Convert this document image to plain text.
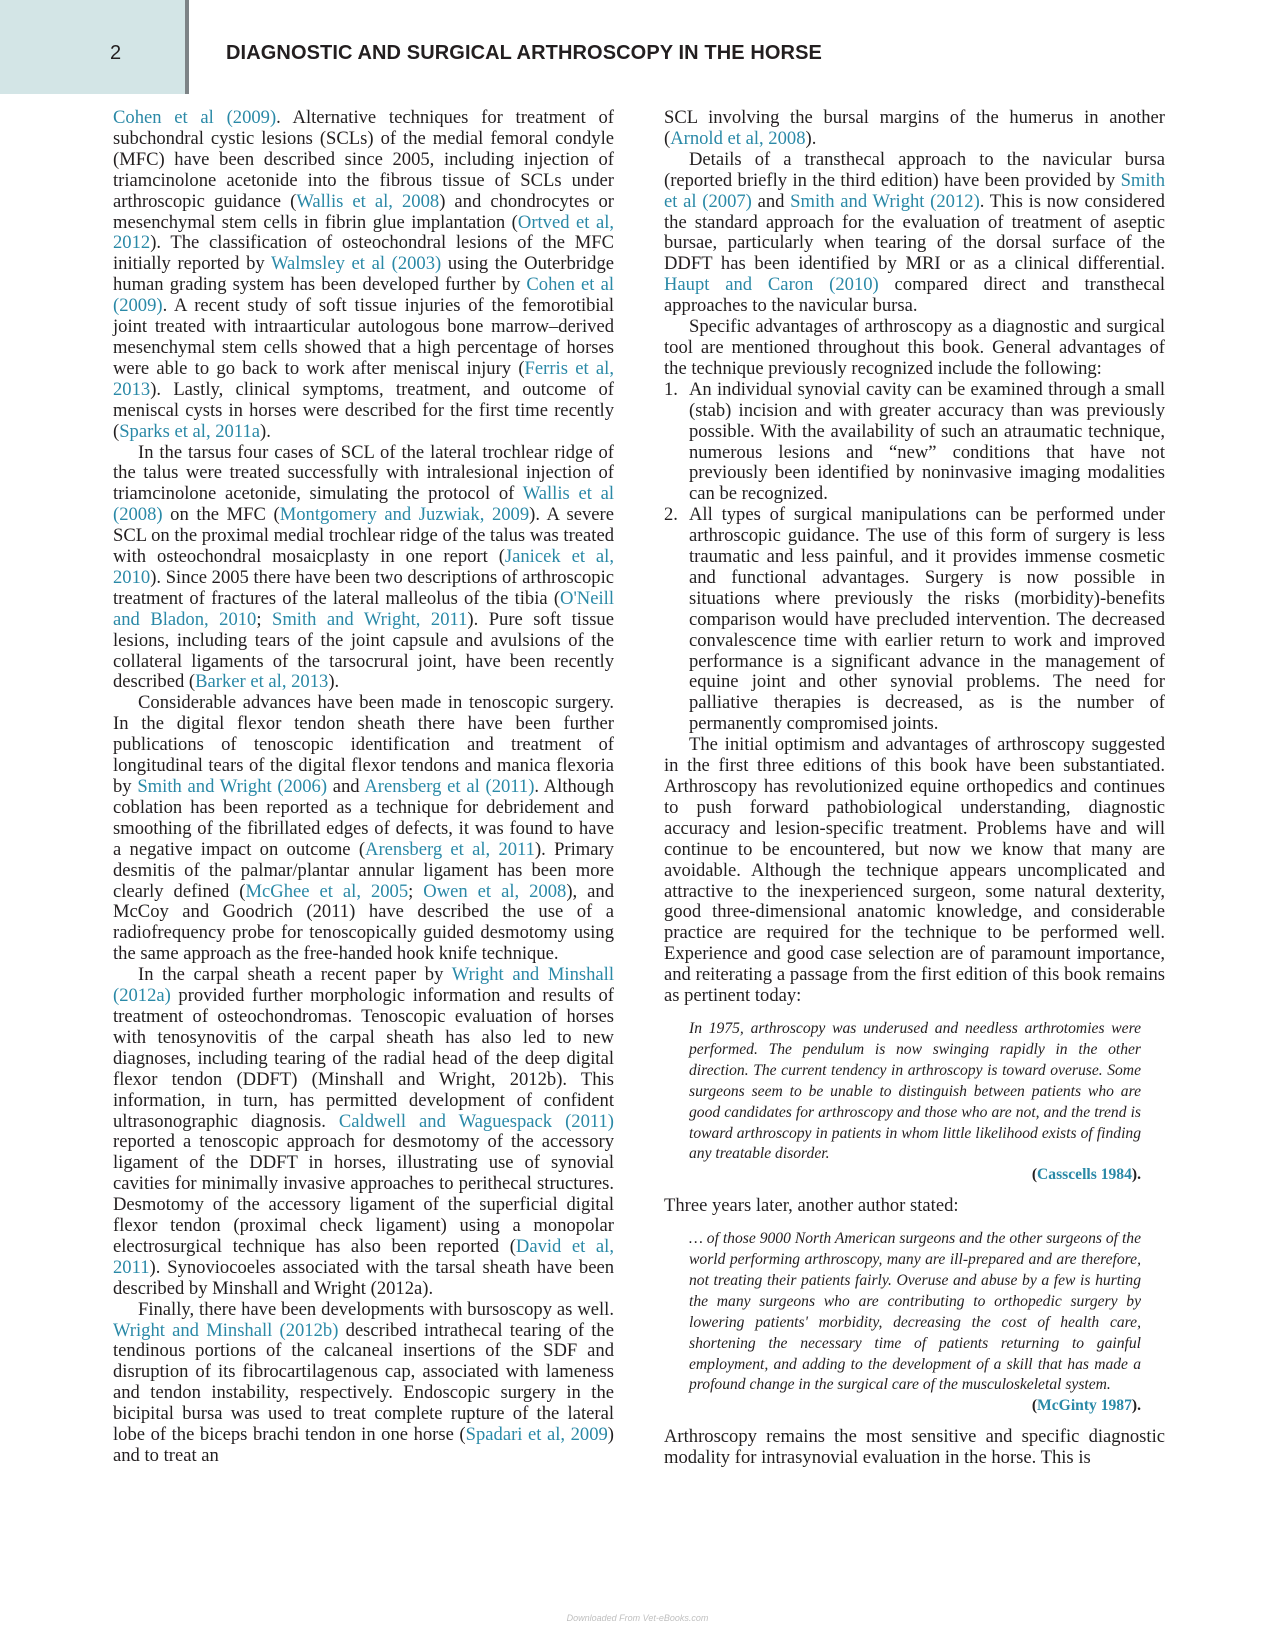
2	DIAGNOSTIC AND SURGICAL ARTHROSCOPY IN THE HORSE

Cohen et al (2009). Alternative techniques for treatment of subchondral cystic lesions (SCLs) of the medial femoral condyle (MFC) have been described since 2005, including injection of triamcinolone acetonide into the fibrous tissue of SCLs under arthroscopic guidance (Wallis et al, 2008) and chondrocytes or mesenchymal stem cells in fibrin glue implantation (Ortved et al, 2012). The classification of osteochondral lesions of the MFC initially reported by Walmsley et al (2003) using the Outerbridge human grading system has been developed further by Cohen et al (2009). A recent study of soft tissue injuries of the femorotibial joint treated with intraarticular autologous bone marrow–derived mesenchymal stem cells showed that a high percentage of horses were able to go back to work after meniscal injury (Ferris et al, 2013). Lastly, clinical symptoms, treatment, and outcome of meniscal cysts in horses were described for the first time recently (Sparks et al, 2011a).

In the tarsus four cases of SCL of the lateral trochlear ridge of the talus were treated successfully with intralesional injection of triamcinolone acetonide, simulating the protocol of Wallis et al (2008) on the MFC (Montgomery and Juzwiak, 2009). A severe SCL on the proximal medial trochlear ridge of the talus was treated with osteochondral mosaicplasty in one report (Janicek et al, 2010). Since 2005 there have been two descriptions of arthroscopic treatment of fractures of the lateral malleolus of the tibia (O'Neill and Bladon, 2010; Smith and Wright, 2011). Pure soft tissue lesions, including tears of the joint capsule and avulsions of the collateral ligaments of the tarsocrural joint, have been recently described (Barker et al, 2013).

Considerable advances have been made in tenoscopic surgery. In the digital flexor tendon sheath there have been further publications of tenoscopic identification and treatment of longitudinal tears of the digital flexor tendons and manica flexoria by Smith and Wright (2006) and Arensberg et al (2011). Although coblation has been reported as a technique for debridement and smoothing of the fibrillated edges of defects, it was found to have a negative impact on outcome (Arensberg et al, 2011). Primary desmitis of the palmar/plantar annular ligament has been more clearly defined (McGhee et al, 2005; Owen et al, 2008), and McCoy and Goodrich (2011) have described the use of a radiofrequency probe for tenoscopically guided desmotomy using the same approach as the free-handed hook knife technique.

In the carpal sheath a recent paper by Wright and Minshall (2012a) provided further morphologic information and results of treatment of osteochondromas. Tenoscopic evaluation of horses with tenosynovitis of the carpal sheath has also led to new diagnoses, including tearing of the radial head of the deep digital flexor tendon (DDFT) (Minshall and Wright, 2012b). This information, in turn, has permitted development of confident ultrasonographic diagnosis. Caldwell and Waguespack (2011) reported a tenoscopic approach for desmotomy of the accessory ligament of the DDFT in horses, illustrating use of synovial cavities for minimally invasive approaches to perithecal structures. Desmotomy of the accessory ligament of the superficial digital flexor tendon (proximal check ligament) using a monopolar electrosurgical technique has also been reported (David et al, 2011). Synoviocoeles associated with the tarsal sheath have been described by Minshall and Wright (2012a).

Finally, there have been developments with bursoscopy as well. Wright and Minshall (2012b) described intrathecal tearing of the tendinous portions of the calcaneal insertions of the SDF and disruption of its fibrocartilagenous cap, associated with lameness and tendon instability, respectively. Endoscopic surgery in the bicipital bursa was used to treat complete rupture of the lateral lobe of the biceps brachi tendon in one horse (Spadari et al, 2009) and to treat an

SCL involving the bursal margins of the humerus in another (Arnold et al, 2008).

Details of a transthecal approach to the navicular bursa (reported briefly in the third edition) have been provided by Smith et al (2007) and Smith and Wright (2012). This is now considered the standard approach for the evaluation of treatment of aseptic bursae, particularly when tearing of the dorsal surface of the DDFT has been identified by MRI or as a clinical differential. Haupt and Caron (2010) compared direct and transthecal approaches to the navicular bursa.

Specific advantages of arthroscopy as a diagnostic and surgical tool are mentioned throughout this book. General advantages of the technique previously recognized include the following:

1. An individual synovial cavity can be examined through a small (stab) incision and with greater accuracy than was previously possible. With the availability of such an atraumatic technique, numerous lesions and “new” conditions that have not previously been identified by noninvasive imaging modalities can be recognized.
2. All types of surgical manipulations can be performed under arthroscopic guidance. The use of this form of surgery is less traumatic and less painful, and it provides immense cosmetic and functional advantages. Surgery is now possible in situations where previously the risks (morbidity)-benefits comparison would have precluded intervention. The decreased convalescence time with earlier return to work and improved performance is a significant advance in the management of equine joint and other synovial problems. The need for palliative therapies is decreased, as is the number of permanently compromised joints.

The initial optimism and advantages of arthroscopy suggested in the first three editions of this book have been substantiated. Arthroscopy has revolutionized equine orthopedics and continues to push forward pathobiological understanding, diagnostic accuracy and lesion-specific treatment. Problems have and will continue to be encountered, but now we know that many are avoidable. Although the technique appears uncomplicated and attractive to the inexperienced surgeon, some natural dexterity, good three-dimensional anatomic knowledge, and considerable practice are required for the technique to be performed well. Experience and good case selection are of paramount importance, and reiterating a passage from the first edition of this book remains as pertinent today:

In 1975, arthroscopy was underused and needless arthrotomies were performed. The pendulum is now swinging rapidly in the other direction. The current tendency in arthroscopy is toward overuse. Some surgeons seem to be unable to distinguish between patients who are good candidates for arthroscopy and those who are not, and the trend is toward arthroscopy in patients in whom little likelihood exists of finding any treatable disorder.
(Casscells 1984).

Three years later, another author stated:

… of those 9000 North American surgeons and the other surgeons of the world performing arthroscopy, many are ill-prepared and are therefore, not treating their patients fairly. Overuse and abuse by a few is hurting the many surgeons who are contributing to orthopedic surgery by lowering patients' morbidity, decreasing the cost of health care, shortening the necessary time of patients returning to gainful employment, and adding to the development of a skill that has made a profound change in the surgical care of the musculoskeletal system.
(McGinty 1987).

Arthroscopy remains the most sensitive and specific diagnostic modality for intrasynovial evaluation in the horse. This is

Downloaded From Vet-eBooks.com
